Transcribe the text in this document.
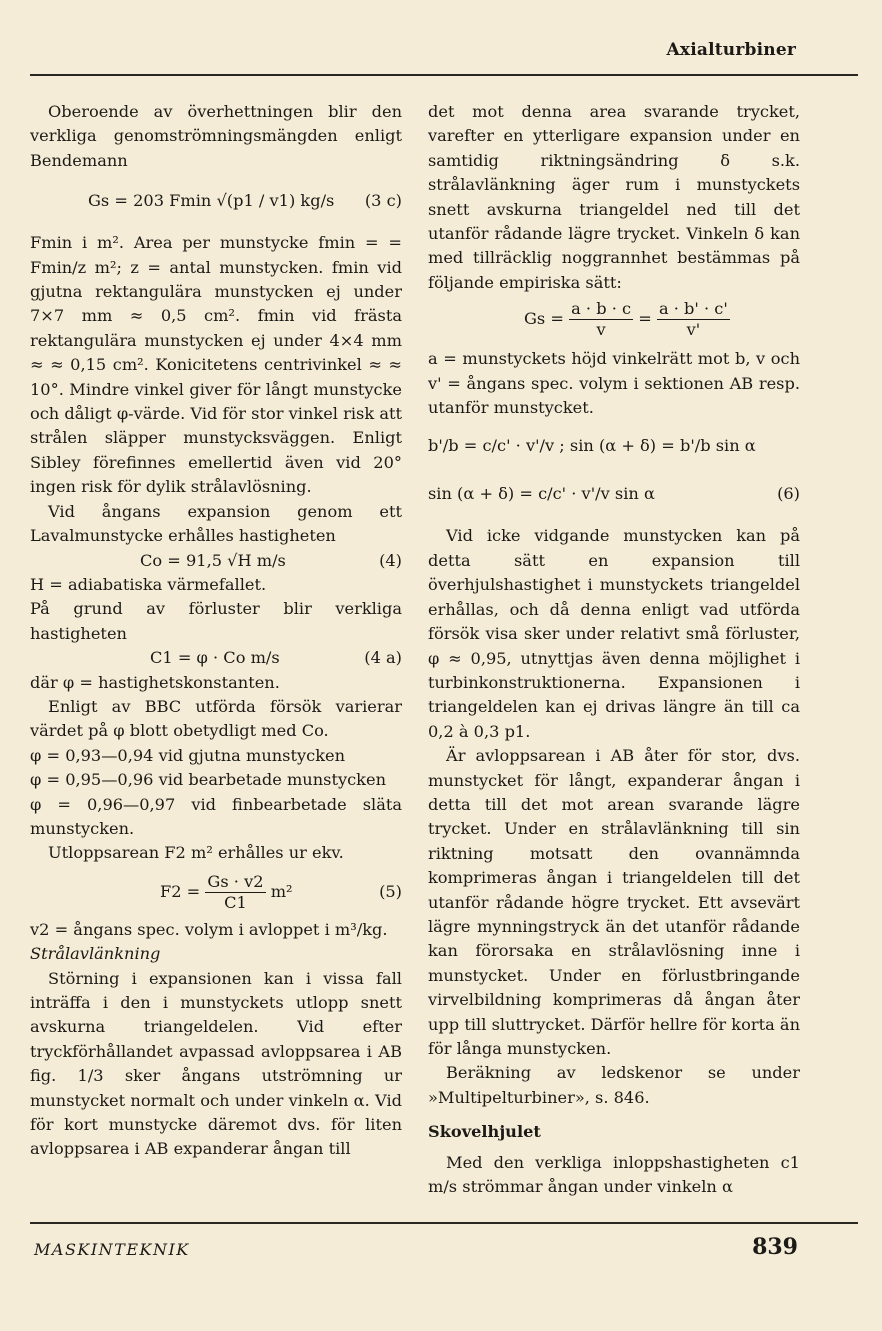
Axialturbiner

Oberoende av överhettningen blir den verkliga genomströmningsmängden enligt Bendemann

Gs = 203 Fmin √(p1 / v1) kg/s (3 c)

Fmin i m². Area per munstycke fmin = = Fmin/z m²; z = antal munstycken. fmin vid gjutna rektangulära munstycken ej under 7×7 mm ≈ 0,5 cm². fmin vid frästa rektangulära munstycken ej under 4×4 mm ≈ ≈ 0,15 cm². Konicitetens centrivinkel ≈ ≈ 10°. Mindre vinkel giver för långt munstycke och dåligt φ-värde. Vid för stor vinkel risk att strålen släpper munstycksväggen. Enligt Sibley förefinnes emellertid även vid 20° ingen risk för dylik strålavlösning.

Vid ångans expansion genom ett Lavalmunstycke erhålles hastigheten

Co = 91,5 √H m/s	(4)

H = adiabatiska värmefallet.

På grund av förluster blir verkliga hastigheten

C1 = φ · Co m/s	(4 a)

där φ = hastighetskonstanten.

Enligt av BBC utförda försök varierar värdet på φ blott obetydligt med Co.

φ = 0,93—0,94 vid gjutna munstycken

φ = 0,95—0,96 vid bearbetade munstycken

φ = 0,96—0,97 vid finbearbetade släta munstycken.

Utloppsarean F2 m² erhålles ur ekv.

$F2 = \frac{Gs \cdot v2}{C1} m^2$	(5)

v2 = ångans spec. volym i avloppet i m³/kg.

Strålavlänkning

Störning i expansionen kan i vissa fall inträffa i den i munstyckets utlopp snett avskurna triangeldelen. Vid efter tryckförhållandet avpassad avloppsarea i AB fig. 1/3 sker ångans utströmning ur munstycket normalt och under vinkeln α. Vid för kort munstycke däremot dvs. för liten avloppsarea i AB expanderar ångan till

det mot denna area svarande trycket, varefter en ytterligare expansion under en samtidig riktningsändring δ s.k. strålavlänkning äger rum i munstyckets snett avskurna triangeldel ned till det utanför rådande lägre trycket. Vinkeln δ kan med tillräcklig noggrannhet bestämmas på följande empiriska sätt:

$Gs = \frac{a \cdot b \cdot c}{v} = \frac{a \cdot b' \cdot c'}{v'}$

a = munstyckets höjd vinkelrätt mot b, v och v' = ångans spec. volym i sektionen AB resp. utanför munstycket.

b'/b = c/c' · v'/v ; sin (α + δ) = b'/b sin α
sin (α + δ) = c/c' · v'/v sin α	(6)

Vid icke vidgande munstycken kan på detta sätt en expansion till överhjulshastighet i munstyckets triangeldel erhållas, och då denna enligt vad utförda försök visa sker under relativt små förluster, φ ≈ 0,95, utnyttjas även denna möjlighet i turbinkonstruktionerna. Expansionen i triangeldelen kan ej drivas längre än till ca 0,2 à 0,3 p1.

Är avloppsarean i AB åter för stor, dvs. munstycket för långt, expanderar ångan i detta till det mot arean svarande lägre trycket. Under en strålavlänkning till sin riktning motsatt den ovannämnda komprimeras ångan i triangeldelen till det utanför rådande högre trycket. Ett avsevärt lägre mynningstryck än det utanför rådande kan förorsaka en strålavlösning inne i munstycket. Under en förlustbringande virvelbildning komprimeras då ångan åter upp till sluttrycket. Därför hellre för korta än för långa munstycken.

Beräkning av ledskenor se under »Multipelturbiner», s. 846.

Skovelhjulet

Med den verkliga inloppshastigheten c1 m/s strömmar ångan under vinkeln α

MASKINTEKNIK	839
